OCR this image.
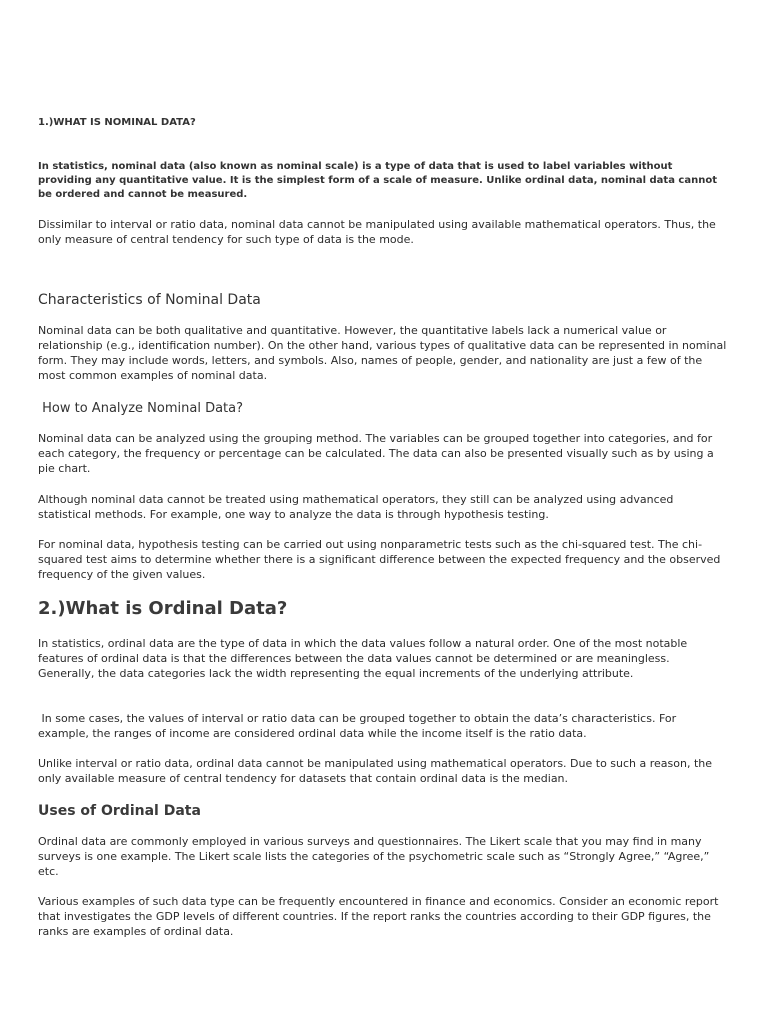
1.)WHAT IS NOMINAL DATA?
In statistics, nominal data (also known as nominal scale) is a type of data that is used to label variables without providing any quantitative value. It is the simplest form of a scale of measure. Unlike ordinal data, nominal data cannot be ordered and cannot be measured.
Dissimilar to interval or ratio data, nominal data cannot be manipulated using available mathematical operators. Thus, the only measure of central tendency for such type of data is the mode.
Characteristics of Nominal Data
Nominal data can be both qualitative and quantitative. However, the quantitative labels lack a numerical value or relationship (e.g., identification number). On the other hand, various types of qualitative data can be represented in nominal form. They may include words, letters, and symbols. Also, names of people, gender, and nationality are just a few of the most common examples of nominal data.
How to Analyze Nominal Data?
Nominal data can be analyzed using the grouping method. The variables can be grouped together into categories, and for each category, the frequency or percentage can be calculated. The data can also be presented visually such as by using a pie chart.
Although nominal data cannot be treated using mathematical operators, they still can be analyzed using advanced statistical methods. For example, one way to analyze the data is through hypothesis testing.
For nominal data, hypothesis testing can be carried out using nonparametric tests such as the chi-squared test. The chi-squared test aims to determine whether there is a significant difference between the expected frequency and the observed frequency of the given values.
2.)What is Ordinal Data?
In statistics, ordinal data are the type of data in which the data values follow a natural order. One of the most notable features of ordinal data is that the differences between the data values cannot be determined or are meaningless. Generally, the data categories lack the width representing the equal increments of the underlying attribute.
In some cases, the values of interval or ratio data can be grouped together to obtain the data’s characteristics. For example, the ranges of income are considered ordinal data while the income itself is the ratio data.
Unlike interval or ratio data, ordinal data cannot be manipulated using mathematical operators. Due to such a reason, the only available measure of central tendency for datasets that contain ordinal data is the median.
Uses of Ordinal Data
Ordinal data are commonly employed in various surveys and questionnaires. The Likert scale that you may find in many surveys is one example. The Likert scale lists the categories of the psychometric scale such as “Strongly Agree,” “Agree,” etc.
Various examples of such data type can be frequently encountered in finance and economics. Consider an economic report that investigates the GDP levels of different countries. If the report ranks the countries according to their GDP figures, the ranks are examples of ordinal data.
